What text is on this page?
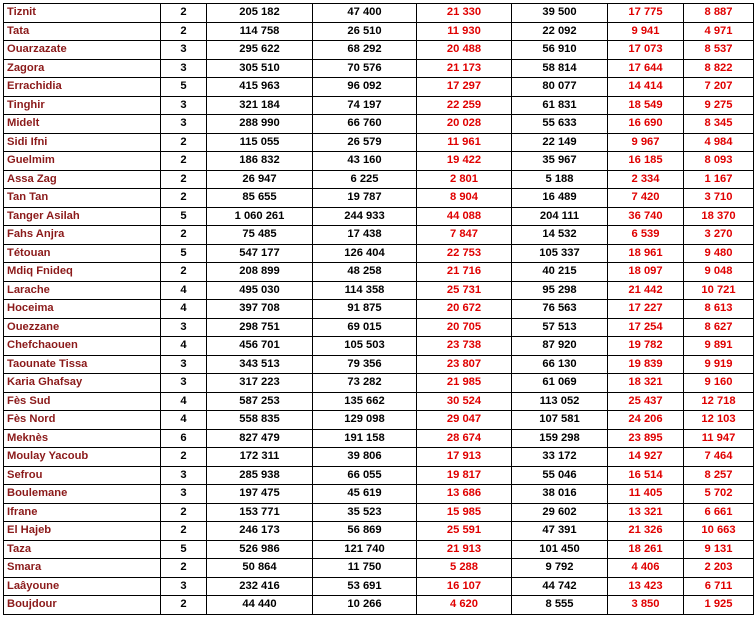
Tiznit	2	205 182	47 400	21 330	39 500	17 775	8 887
Tata	2	114 758	26 510	11 930	22 092	9 941	4 971
Ouarzazate	3	295 622	68 292	20 488	56 910	17 073	8 537
Zagora	3	305 510	70 576	21 173	58 814	17 644	8 822
Errachidia	5	415 963	96 092	17 297	80 077	14 414	7 207
Tinghir	3	321 184	74 197	22 259	61 831	18 549	9 275
Midelt	3	288 990	66 760	20 028	55 633	16 690	8 345
Sidi Ifni	2	115 055	26 579	11 961	22 149	9 967	4 984
Guelmim	2	186 832	43 160	19 422	35 967	16 185	8 093
Assa Zag	2	26 947	6 225	2 801	5 188	2 334	1 167
Tan Tan	2	85 655	19 787	8 904	16 489	7 420	3 710
Tanger Asilah	5	1 060 261	244 933	44 088	204 111	36 740	18 370
Fahs Anjra	2	75 485	17 438	7 847	14 532	6 539	3 270
Tétouan	5	547 177	126 404	22 753	105 337	18 961	9 480
Mdiq Fnideq	2	208 899	48 258	21 716	40 215	18 097	9 048
Larache	4	495 030	114 358	25 731	95 298	21 442	10 721
Hoceima	4	397 708	91 875	20 672	76 563	17 227	8 613
Ouezzane	3	298 751	69 015	20 705	57 513	17 254	8 627
Chefchaouen	4	456 701	105 503	23 738	87 920	19 782	9 891
Taounate Tissa	3	343 513	79 356	23 807	66 130	19 839	9 919
Karia Ghafsay	3	317 223	73 282	21 985	61 069	18 321	9 160
Fès Sud	4	587 253	135 662	30 524	113 052	25 437	12 718
Fès Nord	4	558 835	129 098	29 047	107 581	24 206	12 103
Meknès	6	827 479	191 158	28 674	159 298	23 895	11 947
Moulay Yacoub	2	172 311	39 806	17 913	33 172	14 927	7 464
Sefrou	3	285 938	66 055	19 817	55 046	16 514	8 257
Boulemane	3	197 475	45 619	13 686	38 016	11 405	5 702
Ifrane	2	153 771	35 523	15 985	29 602	13 321	6 661
El Hajeb	2	246 173	56 869	25 591	47 391	21 326	10 663
Taza	5	526 986	121 740	21 913	101 450	18 261	9 131
Smara	2	50 864	11 750	5 288	9 792	4 406	2 203
Laâyoune	3	232 416	53 691	16 107	44 742	13 423	6 711
Boujdour	2	44 440	10 266	4 620	8 555	3 850	1 925
